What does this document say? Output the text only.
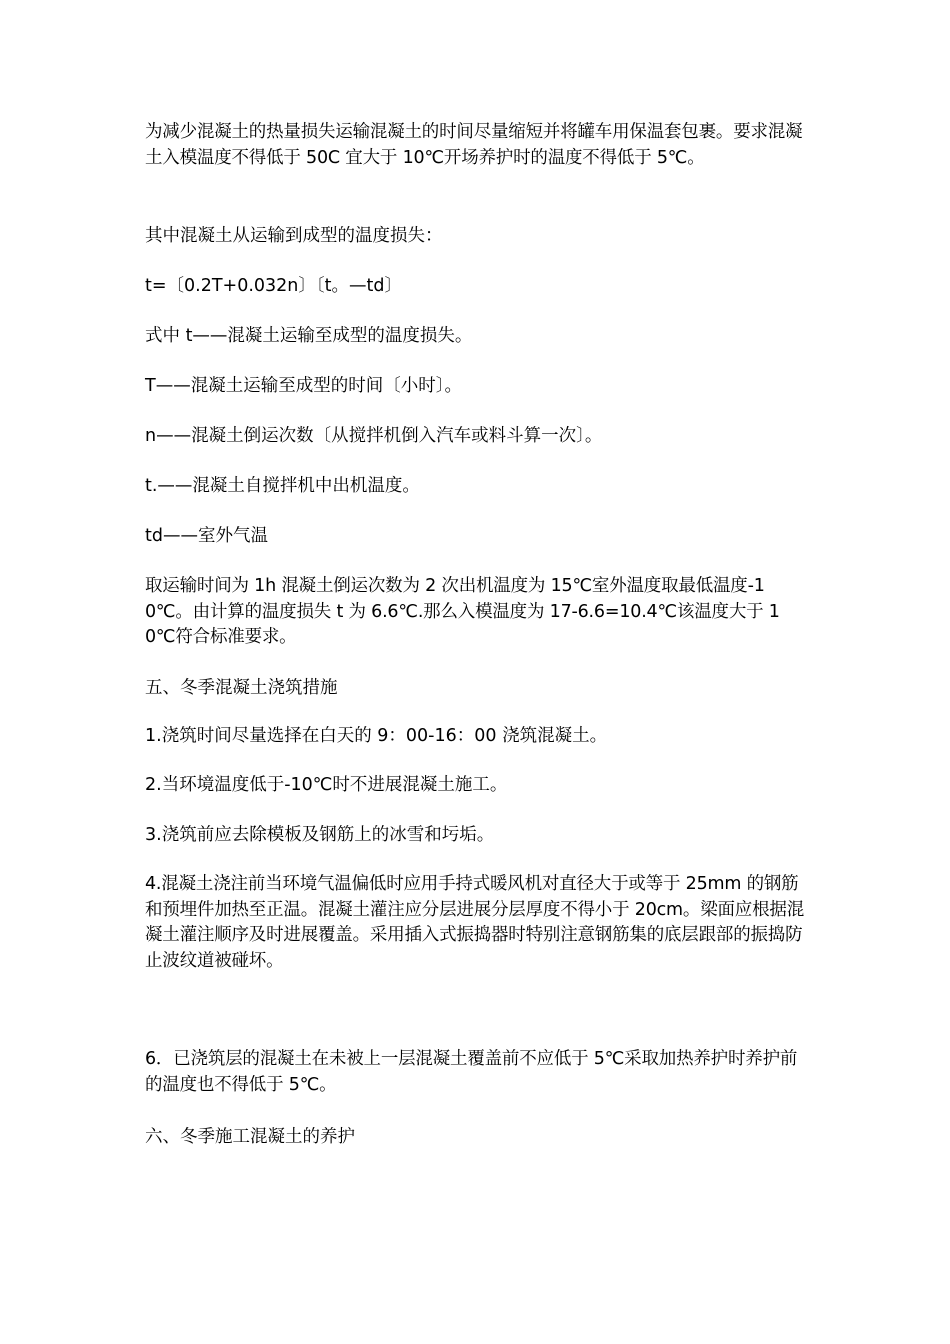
为减少混凝土的热量损失运输混凝土的时间尽量缩短并将罐车用保温套包裹。要求混凝土入模温度不得低于 50C 宜大于 10℃开场养护时的温度不得低于 5℃。

其中混凝土从运输到成型的温度损失：

t=〔0.2T+0.032n〕〔t。—td〕

式中 t——混凝土运输至成型的温度损失。

T——混凝土运输至成型的时间〔小时〕。

n——混凝土倒运次数〔从搅拌机倒入汽车或料斗算一次〕。

t.——混凝土自搅拌机中出机温度。

td——室外气温

取运输时间为 1h 混凝土倒运次数为 2 次出机温度为 15℃室外温度取最低温度-10℃。由计算的温度损失 t 为 6.6℃.那么入模温度为 17-6.6=10.4℃该温度大于 10℃符合标准要求。

五、冬季混凝土浇筑措施

1.浇筑时间尽量选择在白天的 9：00-16：00 浇筑混凝土。

2.当环境温度低于-10℃时不进展混凝土施工。

3.浇筑前应去除模板及钢筋上的冰雪和圬垢。

4.混凝土浇注前当环境气温偏低时应用手持式暖风机对直径大于或等于 25mm 的钢筋和预埋件加热至正温。混凝土灌注应分层进展分层厚度不得小于 20cm。梁面应根据混凝土灌注顺序及时进展覆盖。采用插入式振捣器时特别注意钢筋集的底层跟部的振捣防止波纹道被碰坏。

6．已浇筑层的混凝土在未被上一层混凝土覆盖前不应低于 5℃采取加热养护时养护前的温度也不得低于 5℃。

六、冬季施工混凝土的养护
